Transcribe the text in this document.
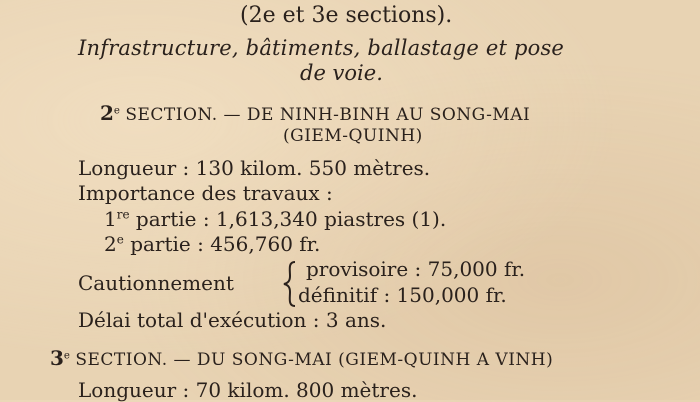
(2e et 3e sections).
Infrastructure, bâtiments, ballastage et pose
de voie.
2e SECTION. — DE NINH-BINH AU SONG-MAI
(GIEM-QUINH)
Longueur : 130 kilom. 550 mètres.
Importance des travaux :
1re partie : 1,613,340 piastres (1).
2e partie : 456,760 fr.
Cautionnement
provisoire : 75,000 fr.
définitif : 150,000 fr.
Délai total d'exécution : 3 ans.
3e SECTION. — DU SONG-MAI (GIEM-QUINH A VINH)
Longueur : 70 kilom. 800 mètres.
